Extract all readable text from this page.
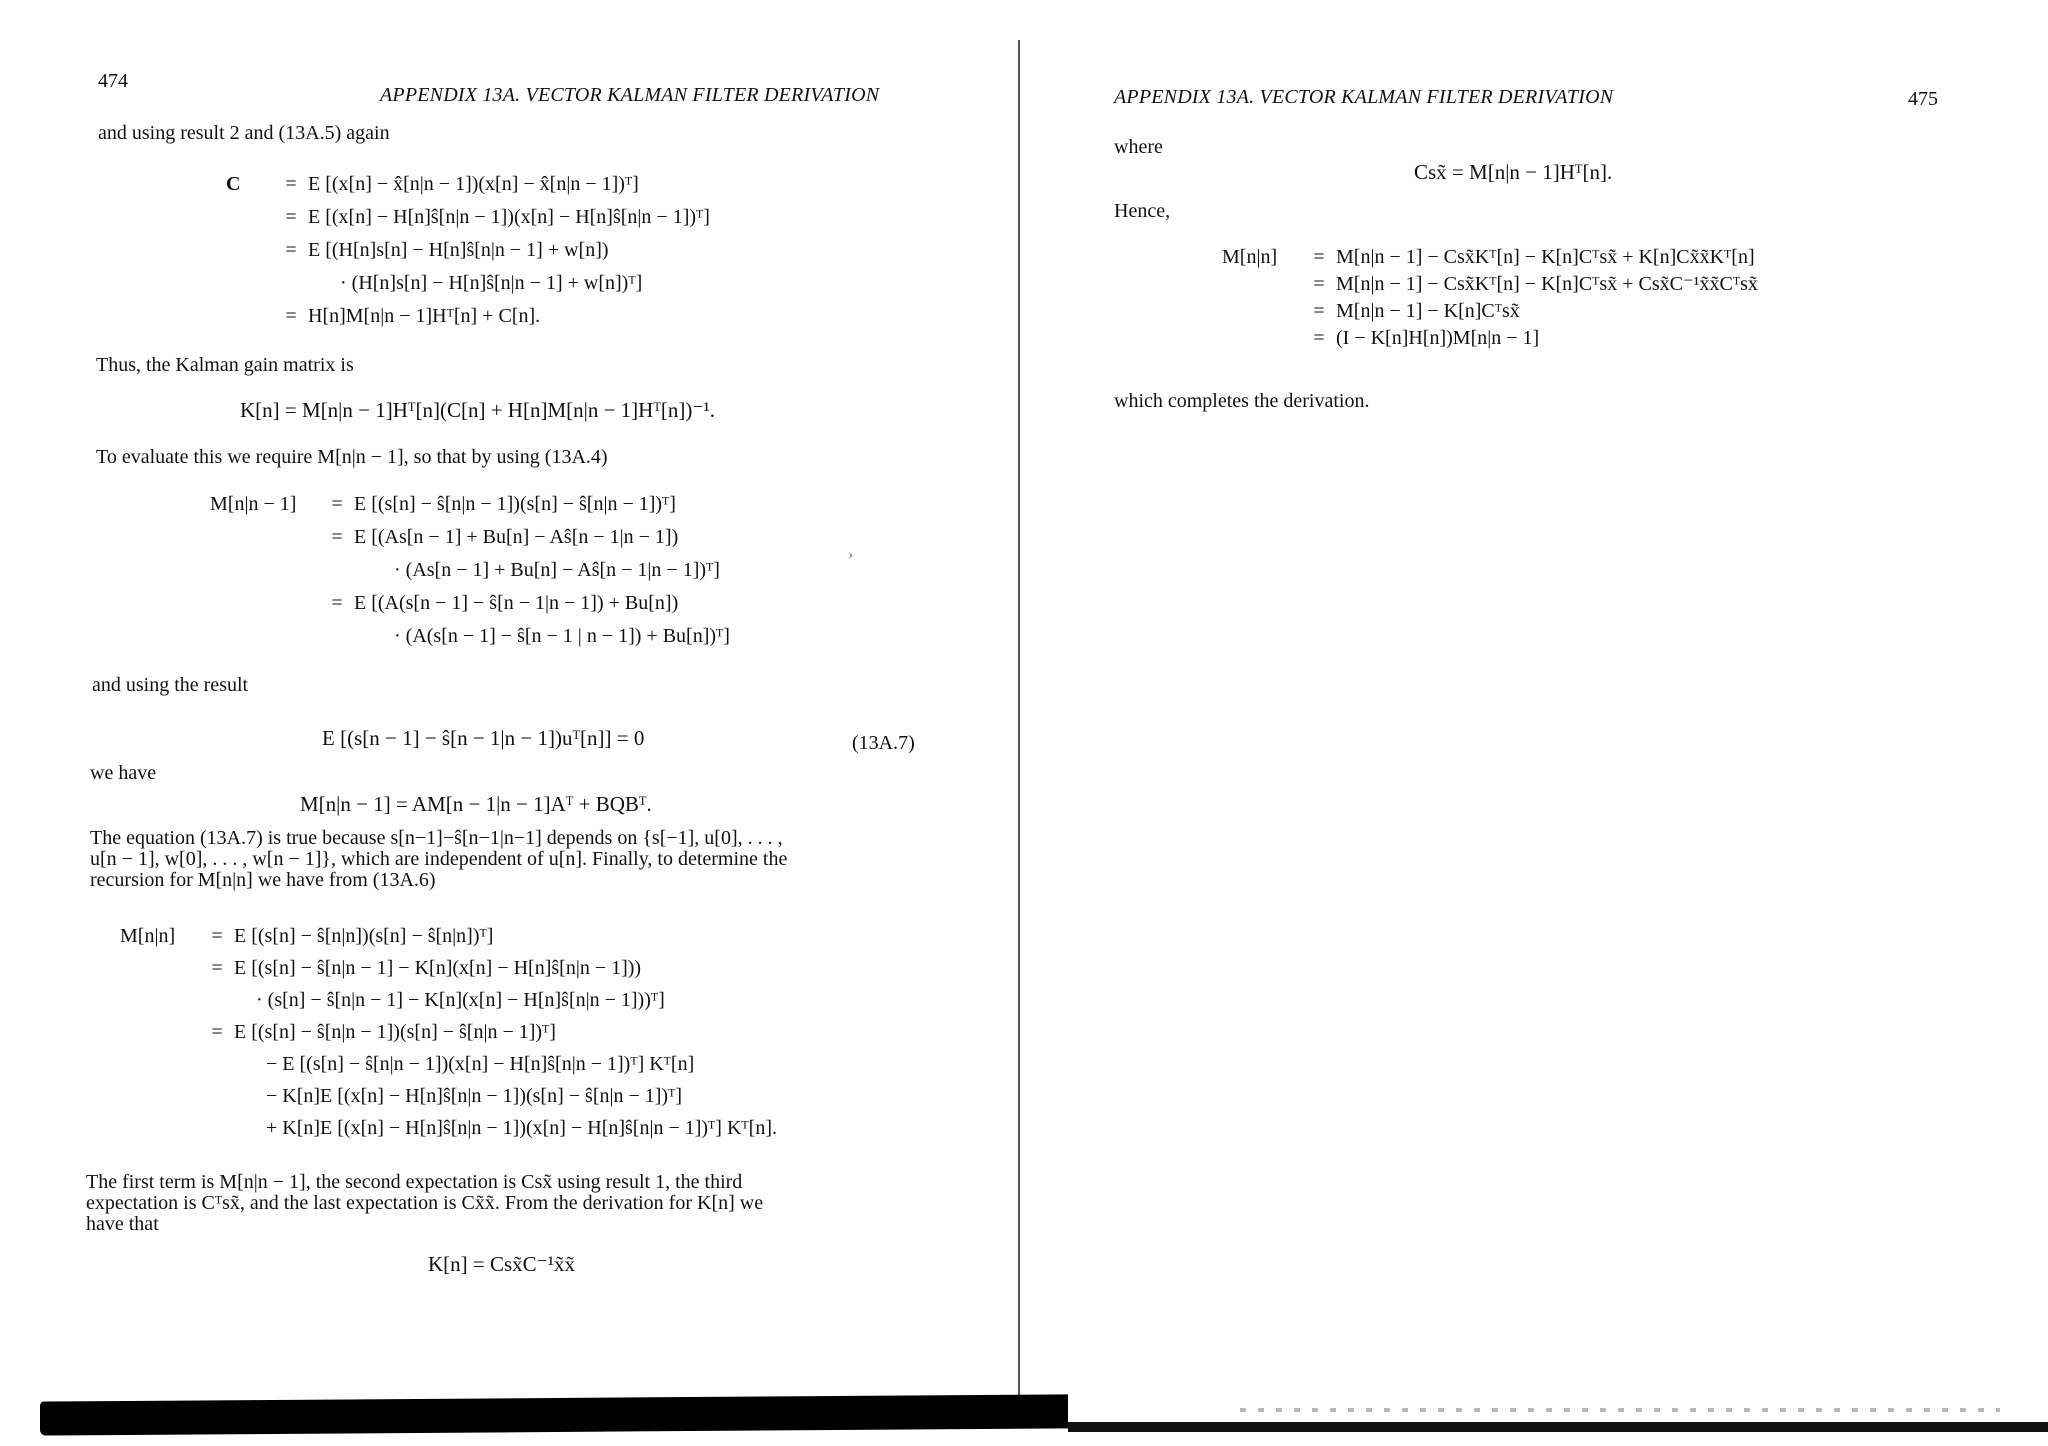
474
APPENDIX 13A. VECTOR KALMAN FILTER DERIVATION
and using result 2 and (13A.5) again
C = E [(x[n] − x̂[n|n − 1])(x[n] − x̂[n|n − 1])ᵀ]
= E [(x[n] − H[n]ŝ[n|n − 1])(x[n] − H[n]ŝ[n|n − 1])ᵀ]
= E [(H[n]s[n] − H[n]ŝ[n|n − 1] + w[n])
· (H[n]s[n] − H[n]ŝ[n|n − 1] + w[n])ᵀ]
= H[n]M[n|n − 1]Hᵀ[n] + C[n].
Thus, the Kalman gain matrix is
K[n] = M[n|n − 1]Hᵀ[n](C[n] + H[n]M[n|n − 1]Hᵀ[n])⁻¹.
To evaluate this we require M[n|n − 1], so that by using (13A.4)
M[n|n − 1] = E [(s[n] − ŝ[n|n − 1])(s[n] − ŝ[n|n − 1])ᵀ]
= E [(As[n − 1] + Bu[n] − Aŝ[n − 1|n − 1])
· (As[n − 1] + Bu[n] − Aŝ[n − 1|n − 1])ᵀ]
= E [(A(s[n − 1] − ŝ[n − 1|n − 1]) + Bu[n])
· (A(s[n − 1] − ŝ[n − 1 | n − 1]) + Bu[n])ᵀ]
›
and using the result
E [(s[n − 1] − ŝ[n − 1|n − 1])uᵀ[n]] = 0	(13A.7)
we have
M[n|n − 1] = AM[n − 1|n − 1]Aᵀ + BQBᵀ.
The equation (13A.7) is true because s[n−1]−ŝ[n−1|n−1] depends on {s[−1], u[0], . . . ,
u[n − 1], w[0], . . . , w[n − 1]}, which are independent of u[n]. Finally, to determine the
recursion for M[n|n] we have from (13A.6)
M[n|n] = E [(s[n] − ŝ[n|n])(s[n] − ŝ[n|n])ᵀ]
= E [(s[n] − ŝ[n|n − 1] − K[n](x[n] − H[n]ŝ[n|n − 1]))
· (s[n] − ŝ[n|n − 1] − K[n](x[n] − H[n]ŝ[n|n − 1]))ᵀ]
= E [(s[n] − ŝ[n|n − 1])(s[n] − ŝ[n|n − 1])ᵀ]
− E [(s[n] − ŝ[n|n − 1])(x[n] − H[n]ŝ[n|n − 1])ᵀ] Kᵀ[n]
− K[n]E [(x[n] − H[n]ŝ[n|n − 1])(s[n] − ŝ[n|n − 1])ᵀ]
+ K[n]E [(x[n] − H[n]ŝ[n|n − 1])(x[n] − H[n]ŝ[n|n − 1])ᵀ] Kᵀ[n].
The first term is M[n|n − 1], the second expectation is Csx̃ using result 1, the third
expectation is Cᵀsx̃, and the last expectation is Cx̃x̃. From the derivation for K[n] we
have that
K[n] = Csx̃C⁻¹x̃x̃
APPENDIX 13A. VECTOR KALMAN FILTER DERIVATION	475
where
Csx̃ = M[n|n − 1]Hᵀ[n].
Hence,
M[n|n] = M[n|n − 1] − Csx̃Kᵀ[n] − K[n]Cᵀsx̃ + K[n]Cx̃x̃Kᵀ[n]
= M[n|n − 1] − Csx̃Kᵀ[n] − K[n]Cᵀsx̃ + Csx̃C⁻¹x̃x̃Cᵀsx̃
= M[n|n − 1] − K[n]Cᵀsx̃
= (I − K[n]H[n])M[n|n − 1]
which completes the derivation.
